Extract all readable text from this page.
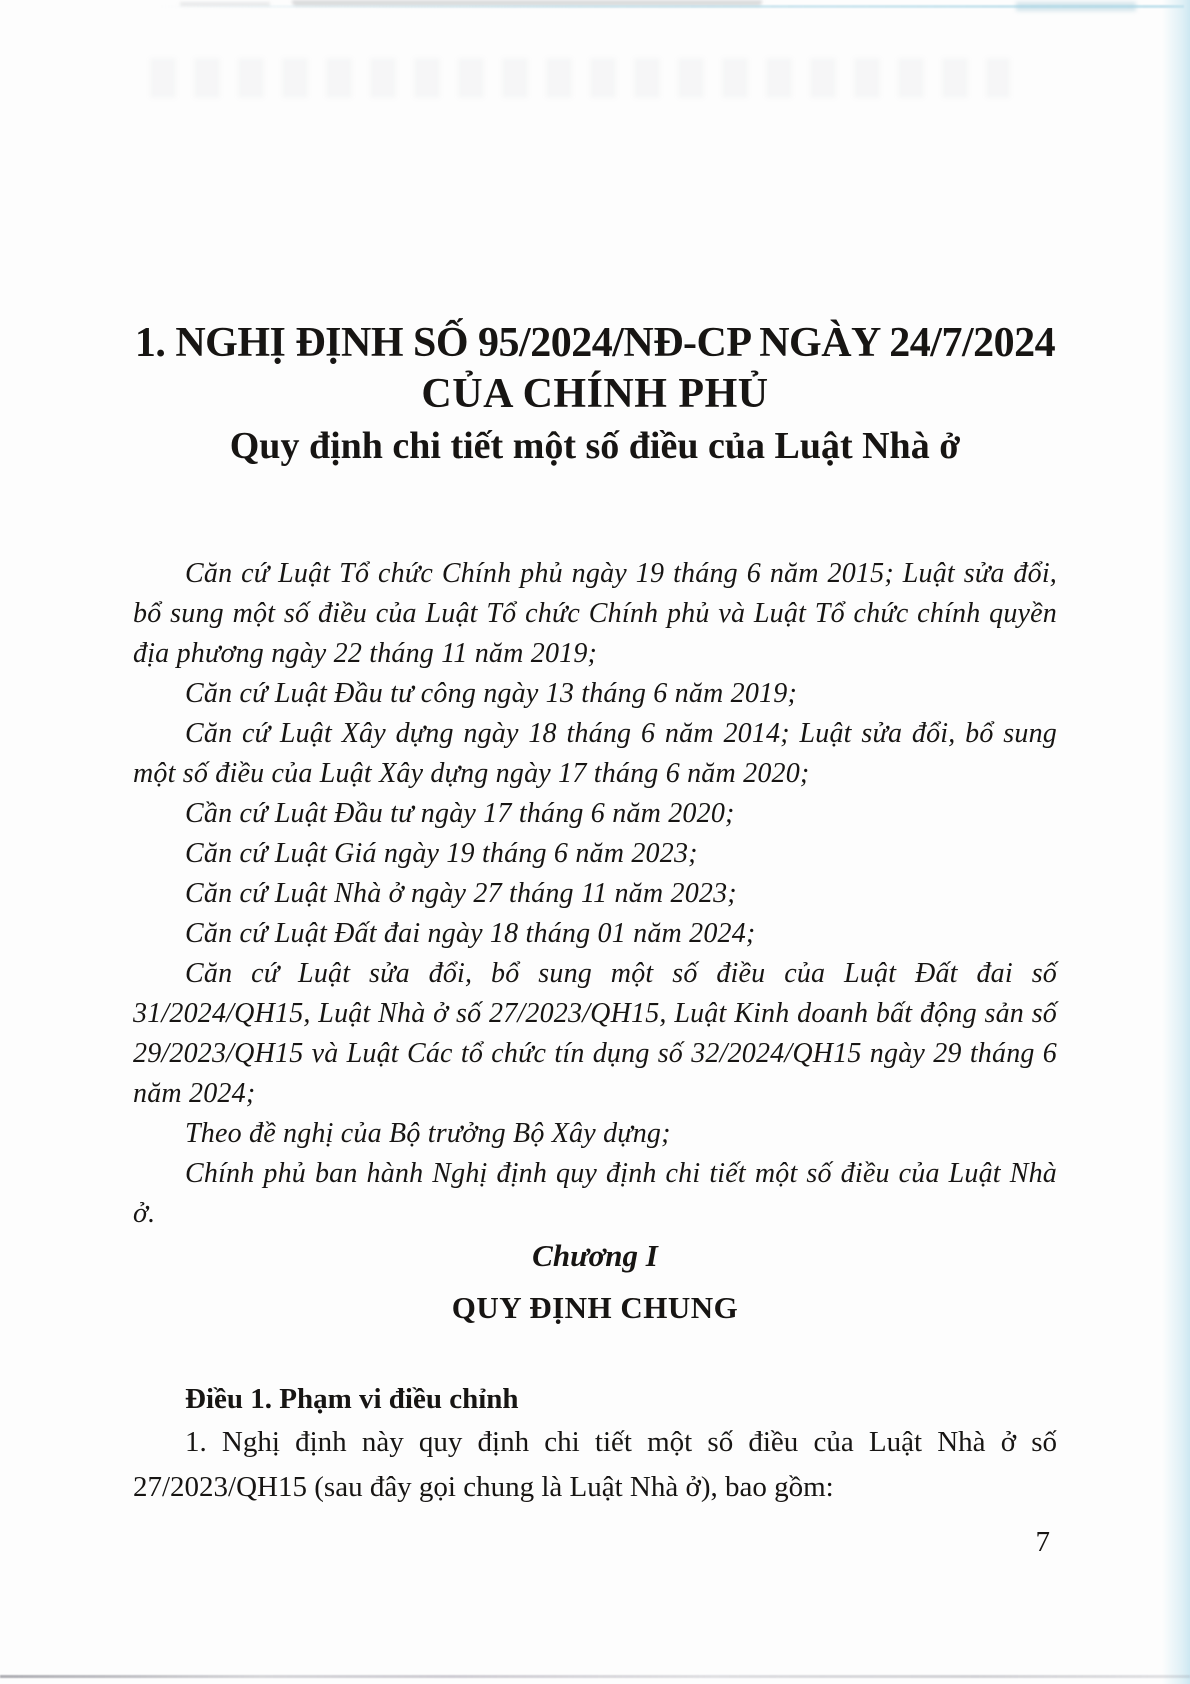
1. NGHỊ ĐỊNH SỐ 95/2024/NĐ-CP NGÀY 24/7/2024

CỦA CHÍNH PHỦ

Quy định chi tiết một số điều của Luật Nhà ở

Căn cứ Luật Tổ chức Chính phủ ngày 19 tháng 6 năm 2015; Luật sửa đổi, bổ sung một số điều của Luật Tổ chức Chính phủ và Luật Tổ chức chính quyền địa phương ngày 22 tháng 11 năm 2019;

Căn cứ Luật Đầu tư công ngày 13 tháng 6 năm 2019;

Căn cứ Luật Xây dựng ngày 18 tháng 6 năm 2014; Luật sửa đổi, bổ sung một số điều của Luật Xây dựng ngày 17 tháng 6 năm 2020;

Cần cứ Luật Đầu tư ngày 17 tháng 6 năm 2020;

Căn cứ Luật Giá ngày 19 tháng 6 năm 2023;

Căn cứ Luật Nhà ở ngày 27 tháng 11 năm 2023;

Căn cứ Luật Đất đai ngày 18 tháng 01 năm 2024;

Căn cứ Luật sửa đổi, bổ sung một số điều của Luật Đất đai số 31/2024/QH15, Luật Nhà ở số 27/2023/QH15, Luật Kinh doanh bất động sản số 29/2023/QH15 và Luật Các tổ chức tín dụng số 32/2024/QH15 ngày 29 tháng 6 năm 2024;

Theo đề nghị của Bộ trưởng Bộ Xây dựng;

Chính phủ ban hành Nghị định quy định chi tiết một số điều của Luật Nhà ở.

Chương I

QUY ĐỊNH CHUNG

Điều 1. Phạm vi điều chỉnh

1. Nghị định này quy định chi tiết một số điều của Luật Nhà ở số 27/2023/QH15 (sau đây gọi chung là Luật Nhà ở), bao gồm:

7
